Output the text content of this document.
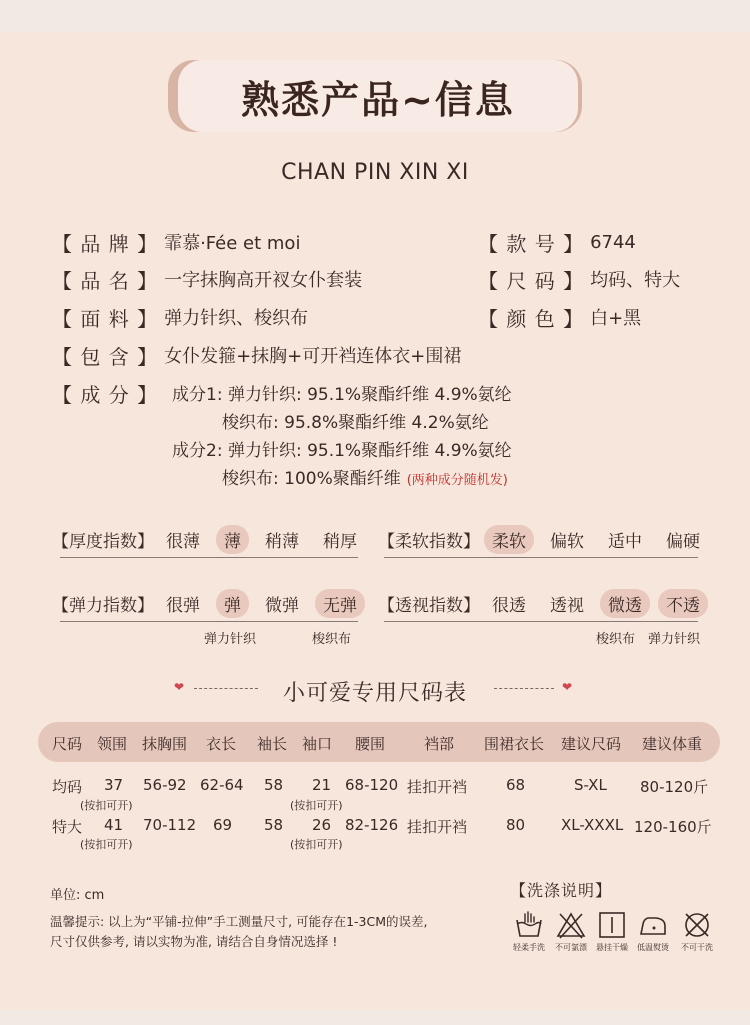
熟悉产品~信息
CHAN PIN XIN XI
【 品 牌 】 霏慕·Fée et moi	【 款 号 】 6744
【 品 名 】 一字抹胸高开衩女仆套装	【 尺 码 】 均码、特大
【 面 料 】 弹力针织、梭织布	【 颜 色 】 白+黑
【 包 含 】 女仆发箍+抹胸+可开裆连体衣+围裙
【 成 分 】 成分1: 弹力针织: 95.1%聚酯纤维 4.9%氨纶
梭织布: 95.8%聚酯纤维 4.2%氨纶
成分2: 弹力针织: 95.1%聚酯纤维 4.9%氨纶
梭织布: 100%聚酯纤维 (两种成分随机发)
【厚度指数】 很薄	薄	稍薄	稍厚	【柔软指数】 柔软	偏软	适中	偏硬
【弹力指数】 很弹	弹	微弹	无弹
弹力针织	梭织布
【透视指数】 很透	透视	微透	不透
梭织布 弹力针织
❤	小可爱专用尺码表	❤
尺码 领围 抹胸围 衣长 袖长 袖口 腰围	裆部 围裙衣长 建议尺码 建议体重
均码 37 56-92 62-64 58 21 68-120 挂扣开裆	68	S-XL 80-120斤
(按扣可开)	(按扣可开)
特大 41 70-112 69 58 26 82-126 挂扣开裆	80 XL-XXXL 120-160斤
(按扣可开)	(按扣可开)
单位: cm
温馨提示: 以上为“平铺-拉伸”手工测量尺寸, 可能存在1-3CM的误差,
尺寸仅供参考, 请以实物为准, 请结合自身情况选择 !
【洗涤说明】
轻柔手洗	不可氯漂	悬挂干燥	低温熨烫	不可干洗
